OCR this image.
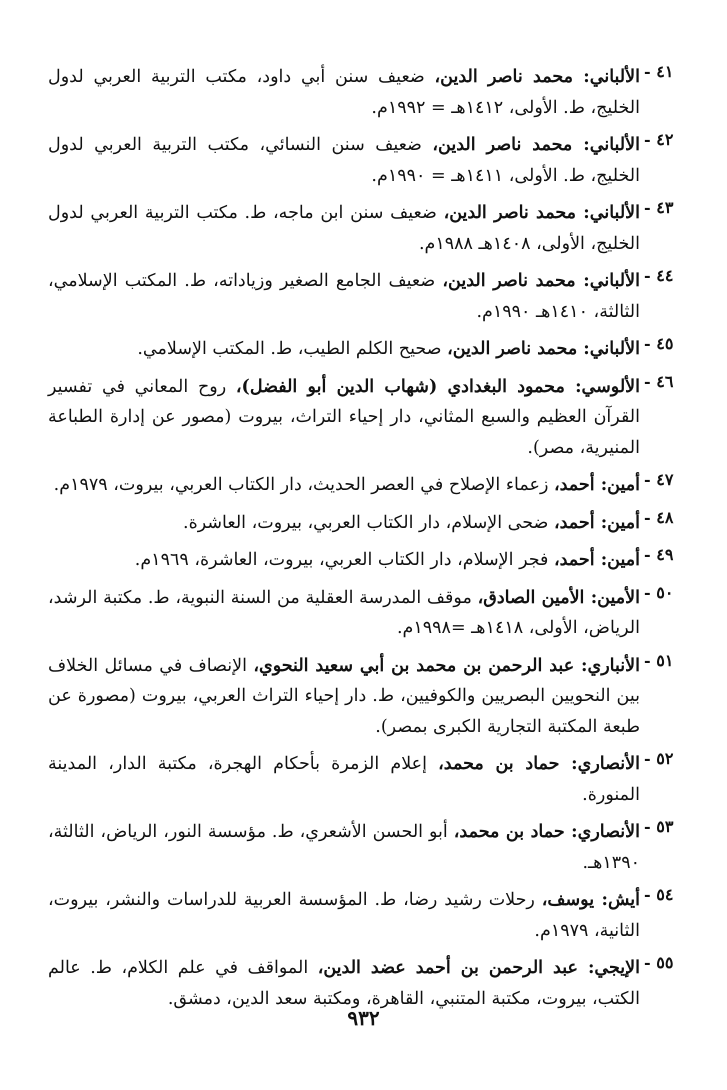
٤١ -
الألباني: محمد ناصر الدين، ضعيف سنن أبي داود، مكتب التربية العربي لدول الخليج، ط. الأولى، ١٤١٢هـ = ١٩٩٢م.
٤٢ -
الألباني: محمد ناصر الدين، ضعيف سنن النسائي، مكتب التربية العربي لدول الخليج، ط. الأولى، ١٤١١هـ = ١٩٩٠م.
٤٣ -
الألباني: محمد ناصر الدين، ضعيف سنن ابن ماجه، ط. مكتب التربية العربي لدول الخليج، الأولى، ١٤٠٨هـ ١٩٨٨م.
٤٤ -
الألباني: محمد ناصر الدين، ضعيف الجامع الصغير وزياداته، ط. المكتب الإسلامي، الثالثة، ١٤١٠هـ ١٩٩٠م.
٤٥ -
الألباني: محمد ناصر الدين، صحيح الكلم الطيب، ط. المكتب الإسلامي.
٤٦ -
الألوسي: محمود البغدادي (شهاب الدين أبو الفضل)، روح المعاني في تفسير القرآن العظيم والسبع المثاني، دار إحياء التراث، بيروت (مصور عن إدارة الطباعة المنيرية، مصر).
٤٧ -
أمين: أحمد، زعماء الإصلاح في العصر الحديث، دار الكتاب العربي، بيروت، ١٩٧٩م.
٤٨ -
أمين: أحمد، ضحى الإسلام، دار الكتاب العربي، بيروت، العاشرة.
٤٩ -
أمين: أحمد، فجر الإسلام، دار الكتاب العربي، بيروت، العاشرة، ١٩٦٩م.
٥٠ -
الأمين: الأمين الصادق، موقف المدرسة العقلية من السنة النبوية، ط. مكتبة الرشد، الرياض، الأولى، ١٤١٨هـ =١٩٩٨م.
٥١ -
الأنباري: عبد الرحمن بن محمد بن أبي سعيد النحوي، الإنصاف في مسائل الخلاف بين النحويين البصريين والكوفيين، ط. دار إحياء التراث العربي، بيروت (مصورة عن طبعة المكتبة التجارية الكبرى بمصر).
٥٢ -
الأنصاري: حماد بن محمد، إعلام الزمرة بأحكام الهجرة، مكتبة الدار، المدينة المنورة.
٥٣ -
الأنصاري: حماد بن محمد، أبو الحسن الأشعري، ط. مؤسسة النور، الرياض، الثالثة، ١٣٩٠هـ.
٥٤ -
أيش: يوسف، رحلات رشيد رضا، ط. المؤسسة العربية للدراسات والنشر، بيروت، الثانية، ١٩٧٩م.
٥٥ -
الإيجي: عبد الرحمن بن أحمد عضد الدين، المواقف في علم الكلام، ط. عالم الكتب، بيروت، مكتبة المتنبي، القاهرة، ومكتبة سعد الدين، دمشق.
٩٣٢
